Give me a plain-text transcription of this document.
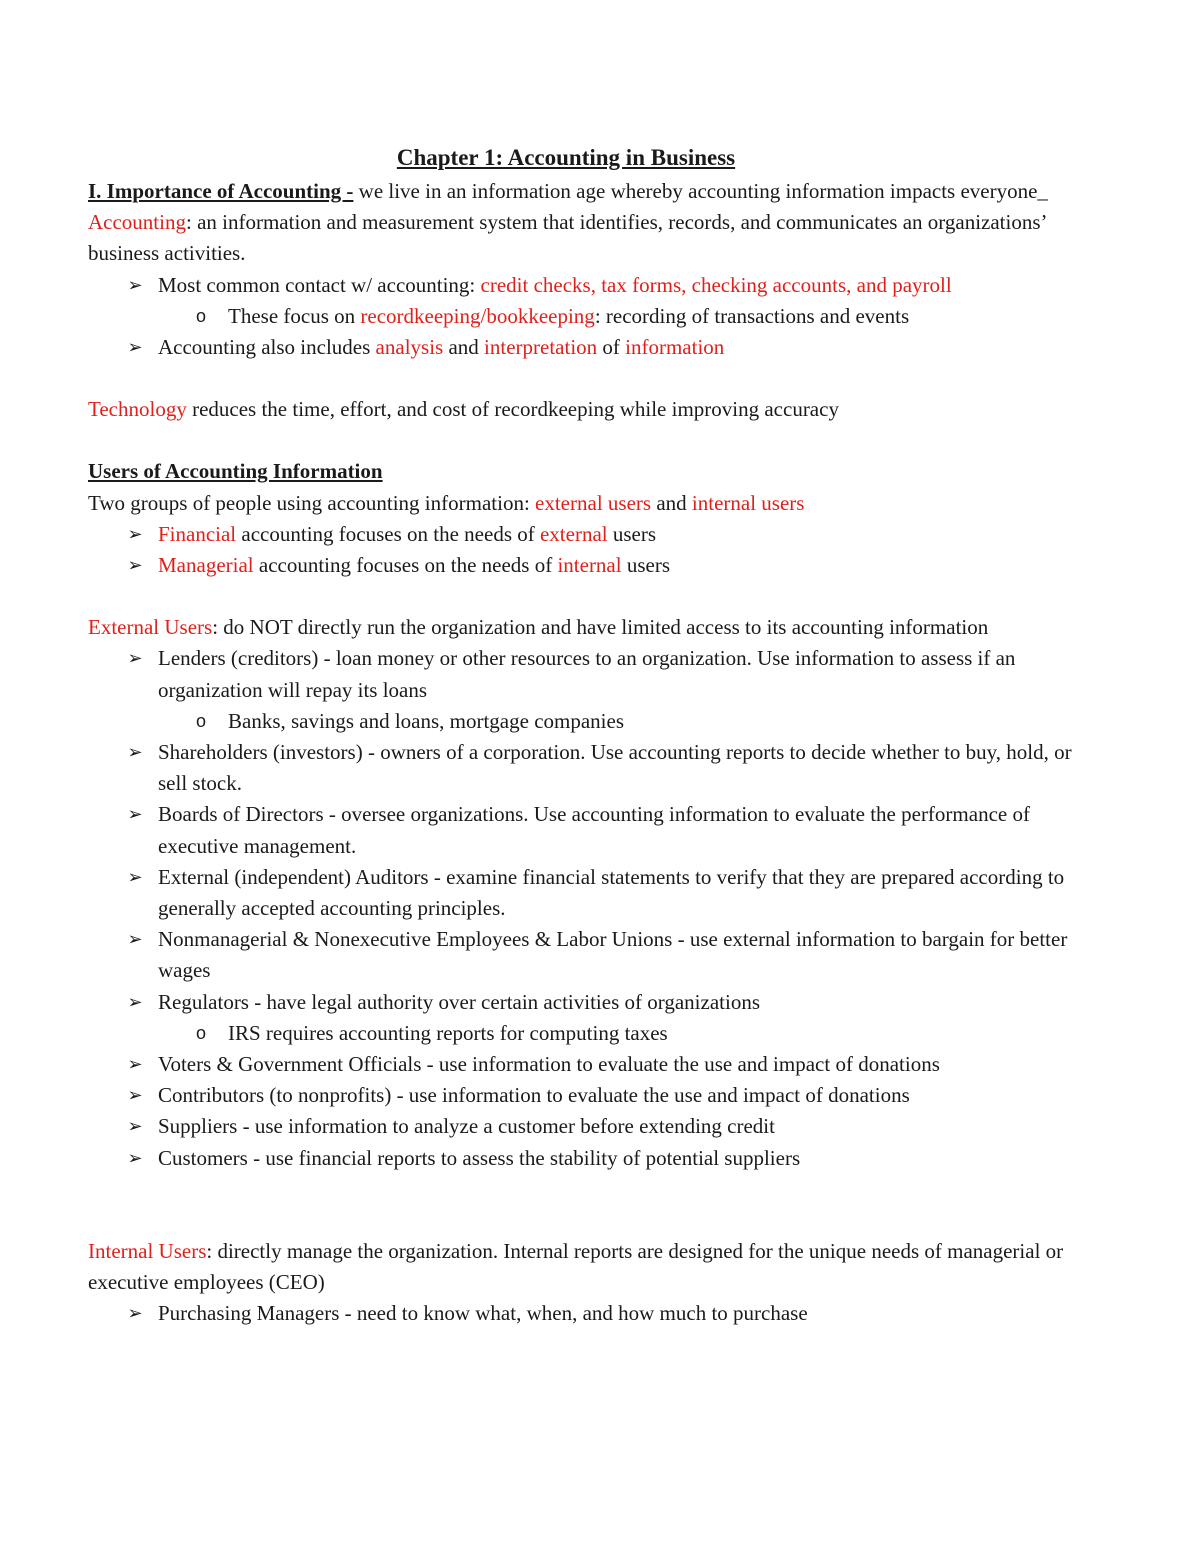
Chapter 1: Accounting in Business

I. Importance of Accounting - we live in an information age whereby accounting information impacts everyone_

Accounting: an information and measurement system that identifies, records, and communicates an organizations’ business activities.

➢ Most common contact w/ accounting: credit checks, tax forms, checking accounts, and payroll
o These focus on recordkeeping/bookkeeping: recording of transactions and events
➢ Accounting also includes analysis and interpretation of information

Technology reduces the time, effort, and cost of recordkeeping while improving accuracy

Users of Accounting Information

Two groups of people using accounting information: external users and internal users

➢ Financial accounting focuses on the needs of external users
➢ Managerial accounting focuses on the needs of internal users

External Users: do NOT directly run the organization and have limited access to its accounting information

➢ Lenders (creditors) - loan money or other resources to an organization. Use information to assess if an organization will repay its loans
o Banks, savings and loans, mortgage companies
➢ Shareholders (investors) - owners of a corporation. Use accounting reports to decide whether to buy, hold, or sell stock.
➢ Boards of Directors - oversee organizations. Use accounting information to evaluate the performance of executive management.
➢ External (independent) Auditors - examine financial statements to verify that they are prepared according to generally accepted accounting principles.
➢ Nonmanagerial & Nonexecutive Employees & Labor Unions - use external information to bargain for better wages
➢ Regulators - have legal authority over certain activities of organizations
o IRS requires accounting reports for computing taxes
➢ Voters & Government Officials - use information to evaluate the use and impact of donations
➢ Contributors (to nonprofits) - use information to evaluate the use and impact of donations
➢ Suppliers - use information to analyze a customer before extending credit
➢ Customers - use financial reports to assess the stability of potential suppliers

Internal Users: directly manage the organization. Internal reports are designed for the unique needs of managerial or executive employees (CEO)

➢ Purchasing Managers - need to know what, when, and how much to purchase
